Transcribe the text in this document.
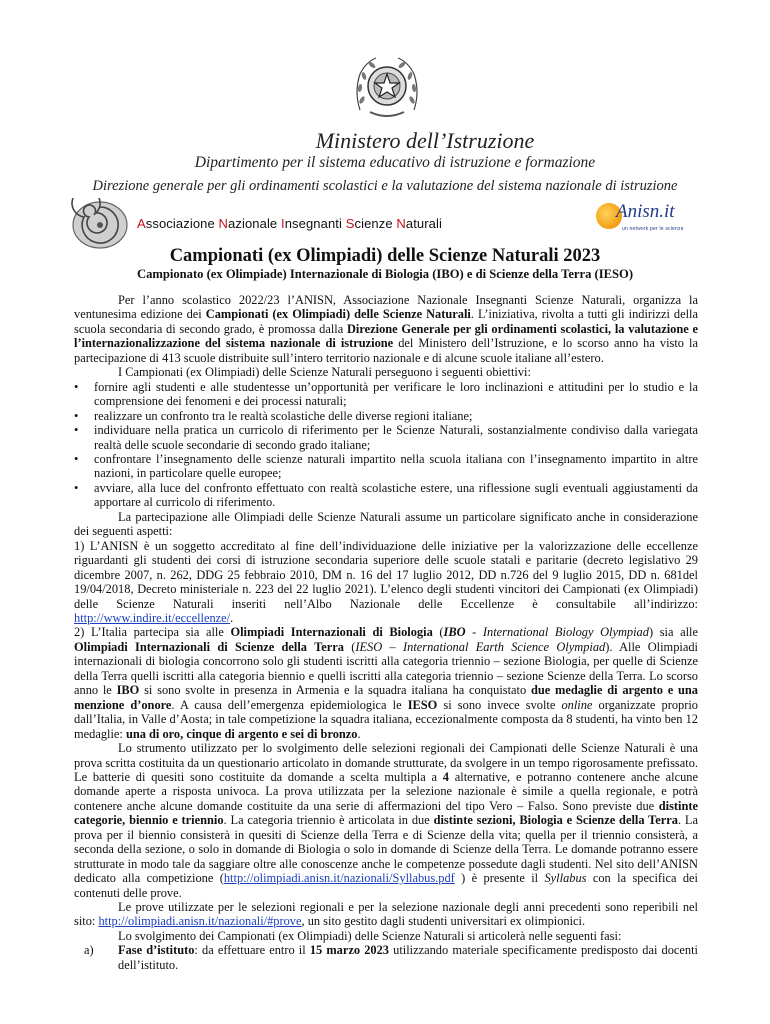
Ministero dell’Istruzione
Dipartimento per il sistema educativo di istruzione e formazione
Direzione generale per gli ordinamenti scolastici e la valutazione del sistema nazionale di istruzione
Associazione Nazionale Insegnanti Scienze Naturali
Anisn.it
un network per le scienze
Campionati (ex Olimpiadi) delle Scienze Naturali 2023
Campionato (ex Olimpiade) Internazionale di Biologia (IBO) e di Scienze della Terra (IESO)

Per l’anno scolastico 2022/23 l’ANISN, Associazione Nazionale Insegnanti Scienze Naturali, organizza la ventunesima edizione dei Campionati (ex Olimpiadi) delle Scienze Naturali. L’iniziativa, rivolta a tutti gli indirizzi della scuola secondaria di secondo grado, è promossa dalla Direzione Generale per gli ordinamenti scolastici, la valutazione e l’internazionalizzazione del sistema nazionale di istruzione del Ministero dell’Istruzione, e lo scorso anno ha visto la partecipazione di 413 scuole distribuite sull’intero territorio nazionale e di alcune scuole italiane all’estero.

I Campionati (ex Olimpiadi) delle Scienze Naturali perseguono i seguenti obiettivi:

• fornire agli studenti e alle studentesse un’opportunità per verificare le loro inclinazioni e attitudini per lo studio e la comprensione dei fenomeni e dei processi naturali;

• realizzare un confronto tra le realtà scolastiche delle diverse regioni italiane;

• individuare nella pratica un curricolo di riferimento per le Scienze Naturali, sostanzialmente condiviso dalla variegata realtà delle scuole secondarie di secondo grado italiane;

• confrontare l’insegnamento delle scienze naturali impartito nella scuola italiana con l’insegnamento impartito in altre nazioni, in particolare quelle europee;

• avviare, alla luce del confronto effettuato con realtà scolastiche estere, una riflessione sugli eventuali aggiustamenti da apportare al curricolo di riferimento.

La partecipazione alle Olimpiadi delle Scienze Naturali assume un particolare significato anche in considerazione dei seguenti aspetti:

1) L’ANISN è un soggetto accreditato al fine dell’individuazione delle iniziative per la valorizzazione delle eccellenze riguardanti gli studenti dei corsi di istruzione secondaria superiore delle scuole statali e paritarie (decreto legislativo 29 dicembre 2007, n. 262, DDG 25 febbraio 2010, DM n. 16 del 17 luglio 2012, DD n.726 del 9 luglio 2015, DD n. 681del 19/04/2018, Decreto ministeriale n. 223 del 22 luglio 2021). L’elenco degli studenti vincitori dei Campionati (ex Olimpiadi) delle Scienze Naturali inseriti nell’Albo Nazionale delle Eccellenze è consultabile all’indirizzo: http://www.indire.it/eccellenze/.

2) L’Italia partecipa sia alle Olimpiadi Internazionali di Biologia (IBO - International Biology Olympiad) sia alle Olimpiadi Internazionali di Scienze della Terra (IESO – International Earth Science Olympiad). Alle Olimpiadi internazionali di biologia concorrono solo gli studenti iscritti alla categoria triennio – sezione Biologia, per quelle di Scienze della Terra quelli iscritti alla categoria biennio e quelli iscritti alla categoria triennio – sezione Scienze della Terra. Lo scorso anno le IBO si sono svolte in presenza in Armenia e la squadra italiana ha conquistato due medaglie di argento e una menzione d’onore. A causa dell’emergenza epidemiologica le IESO si sono invece svolte online organizzate proprio dall’Italia, in Valle d’Aosta; in tale competizione la squadra italiana, eccezionalmente composta da 8 studenti, ha vinto ben 12 medaglie: una di oro, cinque di argento e sei di bronzo.

Lo strumento utilizzato per lo svolgimento delle selezioni regionali dei Campionati delle Scienze Naturali è una prova scritta costituita da un questionario articolato in domande strutturate, da svolgere in un tempo rigorosamente prefissato. Le batterie di quesiti sono costituite da domande a scelta multipla a 4 alternative, e potranno contenere anche alcune domande aperte a risposta univoca. La prova utilizzata per la selezione nazionale è simile a quella regionale, e potrà contenere anche alcune domande costituite da una serie di affermazioni del tipo Vero – Falso. Sono previste due distinte categorie, biennio e triennio. La categoria triennio è articolata in due distinte sezioni, Biologia e Scienze della Terra. La prova per il biennio consisterà in quesiti di Scienze della Terra e di Scienze della vita; quella per il triennio consisterà, a seconda della sezione, o solo in domande di Biologia o solo in domande di Scienze della Terra. Le domande potranno essere strutturate in modo tale da saggiare oltre alle conoscenze anche le competenze possedute dagli studenti. Nel sito dell’ANISN dedicato alla competizione (http://olimpiadi.anisn.it/nazionali/Syllabus.pdf ) è presente il Syllabus con la specifica dei contenuti delle prove.

Le prove utilizzate per le selezioni regionali e per la selezione nazionale degli anni precedenti sono reperibili nel sito: http://olimpiadi.anisn.it/nazionali/#prove, un sito gestito dagli studenti universitari ex olimpionici.

Lo svolgimento dei Campionati (ex Olimpiadi) delle Scienze Naturali si articolerà nelle seguenti fasi:

a) Fase d’istituto: da effettuare entro il 15 marzo 2023 utilizzando materiale specificamente predisposto dai docenti dell’istituto.
